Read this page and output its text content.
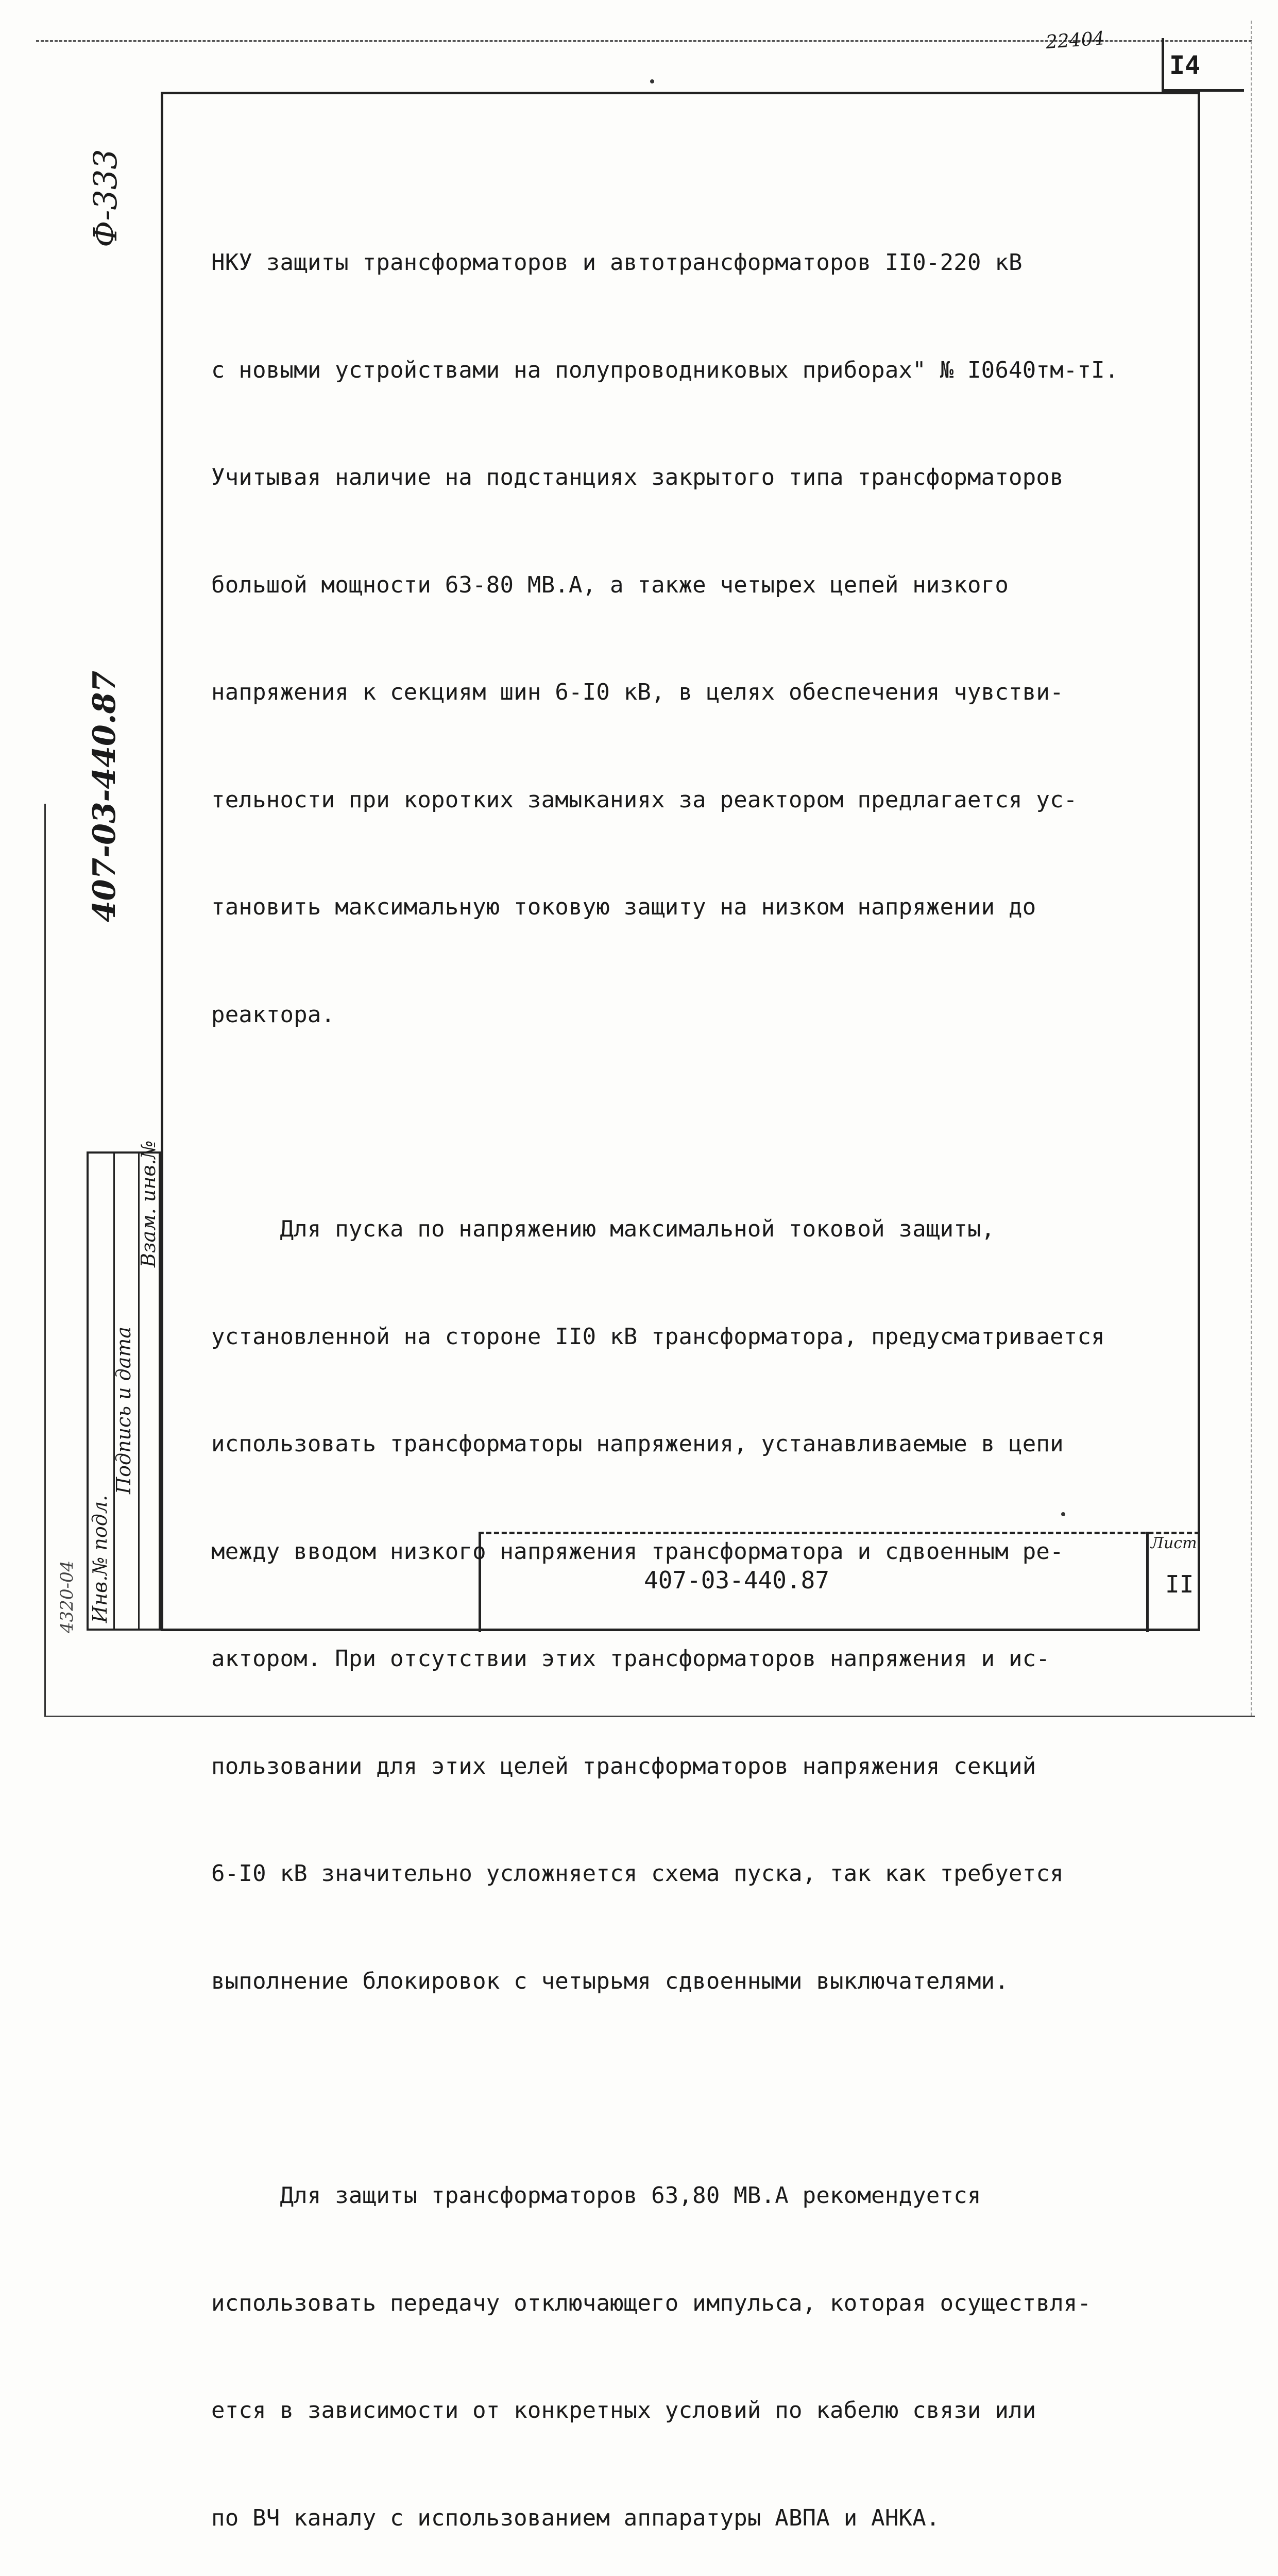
22404
I4
Ф-333
407-03-440.87
Взам. инв.№
Подпись и дата
Инв.№ подл.
4320-04

НКУ защиты трансформаторов и автотрансформаторов II0-220 кВ

с новыми устройствами на полупроводниковых приборах" № I0640тм-тI.

Учитывая наличие на подстанциях закрытого типа трансформаторов

большой мощности 63-80 МВ.А, а также четырех цепей низкого

напряжения к секциям шин 6-I0 кВ, в целях обеспечения чувстви-

тельности при коротких замыканиях за реактором предлагается ус-

тановить максимальную токовую защиту на низком напряжении до

реактора.

Для пуска по напряжению максимальной токовой защиты,

установленной на стороне II0 кВ трансформатора, предусматривается

использовать трансформаторы напряжения, устанавливаемые в цепи

между вводом низкого напряжения трансформатора и сдвоенным ре-

актором. При отсутствии этих трансформаторов напряжения и ис-

пользовании для этих целей трансформаторов напряжения секций

6-I0 кВ значительно усложняется схема пуска, так как требуется

выполнение блокировок с четырьмя сдвоенными выключателями.

Для защиты трансформаторов 63,80 МВ.А рекомендуется

использовать передачу отключающего импульса, которая осуществля-

ется в зависимости от конкретных условий по кабелю связи или

по ВЧ каналу с использованием аппаратуры АВПА и АНКА.

407-03-440.87
Лист
II
